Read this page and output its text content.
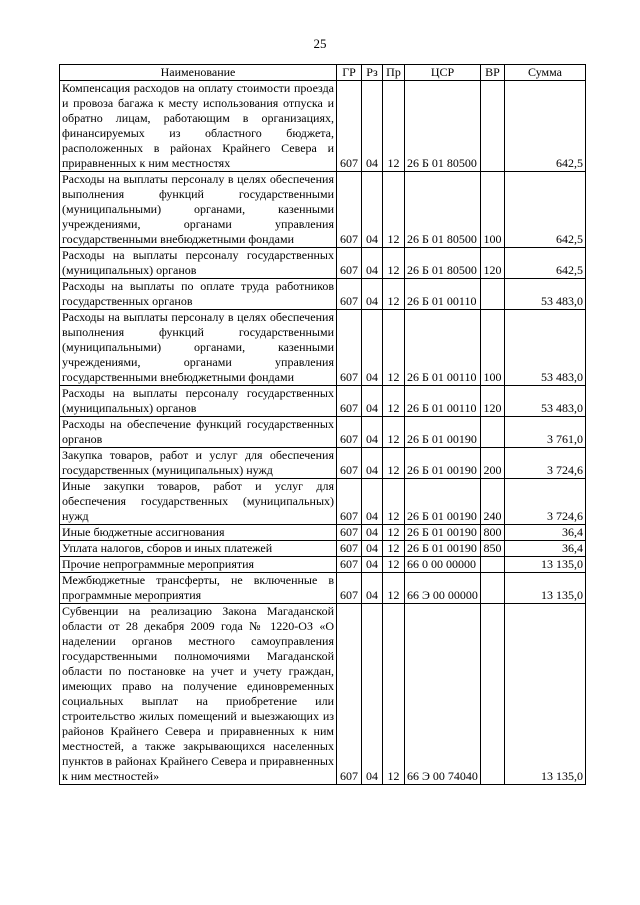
25
Наименование	ГР	Рз	Пр	ЦСР	ВР	Сумма
Компенсация расходов на оплату стоимости проезда и провоза багажа к месту использования отпуска и обратно лицам, работающим в организациях, финансируемых из областного бюджета, расположенных в районах Крайнего Севера и приравненных к ним местностях	607	04	12	26 Б 01 80500		642,5
Расходы на выплаты персоналу в целях обеспечения выполнения функций государственными (муниципальными) органами, казенными учреждениями, органами управления государственными внебюджетными фондами	607	04	12	26 Б 01 80500	100	642,5
Расходы на выплаты персоналу государственных (муниципальных) органов	607	04	12	26 Б 01 80500	120	642,5
Расходы на выплаты по оплате труда работников государственных органов	607	04	12	26 Б 01 00110		53 483,0
Расходы на выплаты персоналу в целях обеспечения выполнения функций государственными (муниципальными) органами, казенными учреждениями, органами управления государственными внебюджетными фондами	607	04	12	26 Б 01 00110	100	53 483,0
Расходы на выплаты персоналу государственных (муниципальных) органов	607	04	12	26 Б 01 00110	120	53 483,0
Расходы на обеспечение функций государственных органов	607	04	12	26 Б 01 00190		3 761,0
Закупка товаров, работ и услуг для обеспечения государственных (муниципальных) нужд	607	04	12	26 Б 01 00190	200	3 724,6
Иные закупки товаров, работ и услуг для обеспечения государственных (муниципальных) нужд	607	04	12	26 Б 01 00190	240	3 724,6
Иные бюджетные ассигнования	607	04	12	26 Б 01 00190	800	36,4
Уплата налогов, сборов и иных платежей	607	04	12	26 Б 01 00190	850	36,4
Прочие непрограммные мероприятия	607	04	12	66 0 00 00000		13 135,0
Межбюджетные трансферты, не включенные в программные мероприятия	607	04	12	66 Э 00 00000		13 135,0
Субвенции на реализацию Закона Магаданской области от 28 декабря 2009 года № 1220-ОЗ «О наделении органов местного самоуправления государственными полномочиями Магаданской области по постановке на учет и учету граждан, имеющих право на получение единовременных социальных выплат на приобретение или строительство жилых помещений и выезжающих из районов Крайнего Севера и приравненных к ним местностей, а также закрывающихся населенных пунктов в районах Крайнего Севера и приравненных к ним местностей»	607	04	12	66 Э 00 74040		13 135,0
